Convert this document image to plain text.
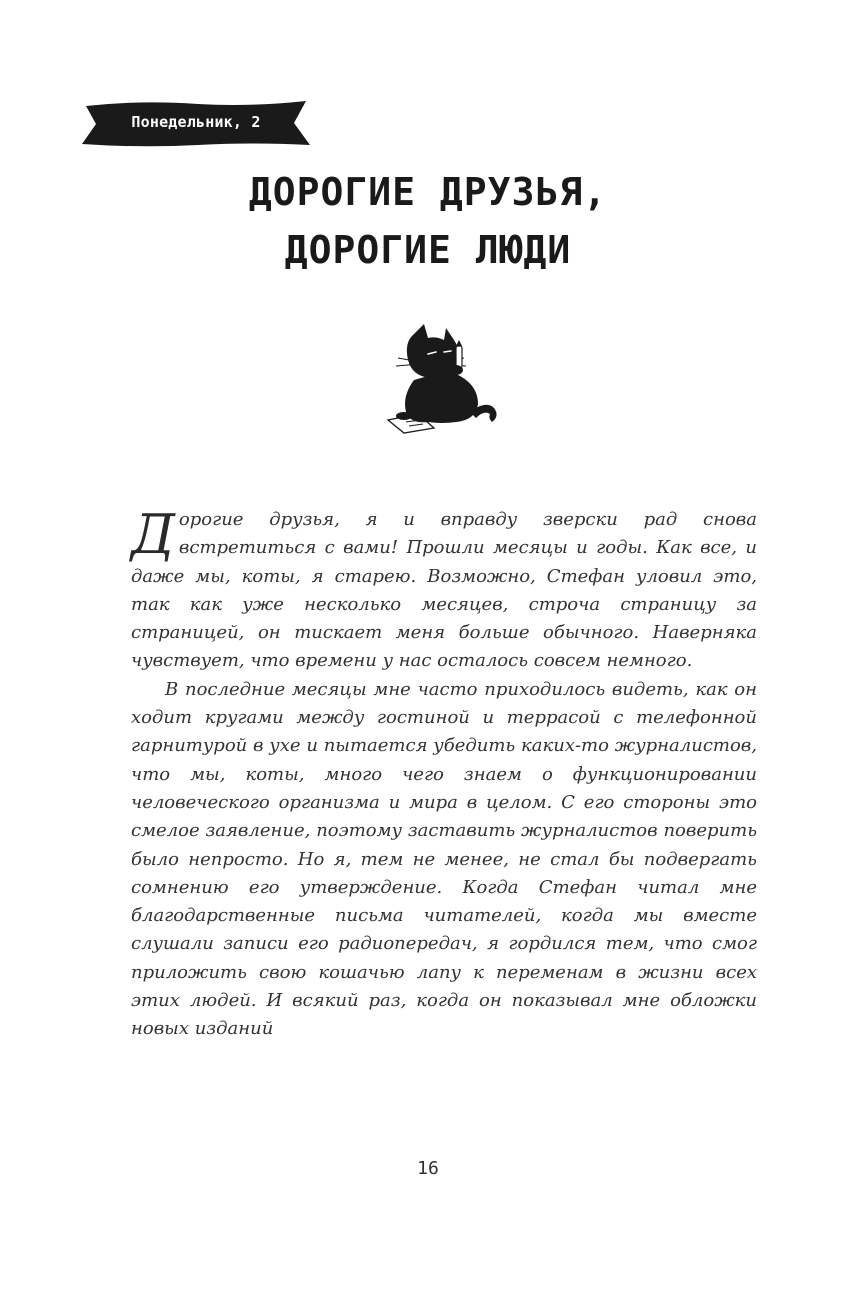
Понедельник, 2
ДОРОГИЕ ДРУЗЬЯ,
ДОРОГИЕ ЛЮДИ

Дорогие друзья, я и вправду зверски рад снова встретиться с вами! Прошли месяцы и годы. Как все, и даже мы, коты, я старею. Возможно, Стефан уловил это, так как уже несколько месяцев, строча страницу за страницей, он тискает меня больше обычного. Наверняка чувствует, что времени у нас осталось совсем немного.

В последние месяцы мне часто приходилось видеть, как он ходит кругами между гостиной и террасой с телефонной гарнитурой в ухе и пытается убедить каких-то журналистов, что мы, коты, много чего знаем о функционировании человеческого организма и мира в целом. С его стороны это смелое заявление, поэтому заставить журналистов поверить было непросто. Но я, тем не менее, не стал бы подвергать сомнению его утверждение. Когда Стефан читал мне благодарственные письма читателей, когда мы вместе слушали записи его радиопередач, я гордился тем, что смог приложить свою кошачью лапу к переменам в жизни всех этих людей. И всякий раз, когда он показывал мне обложки новых изданий

16
